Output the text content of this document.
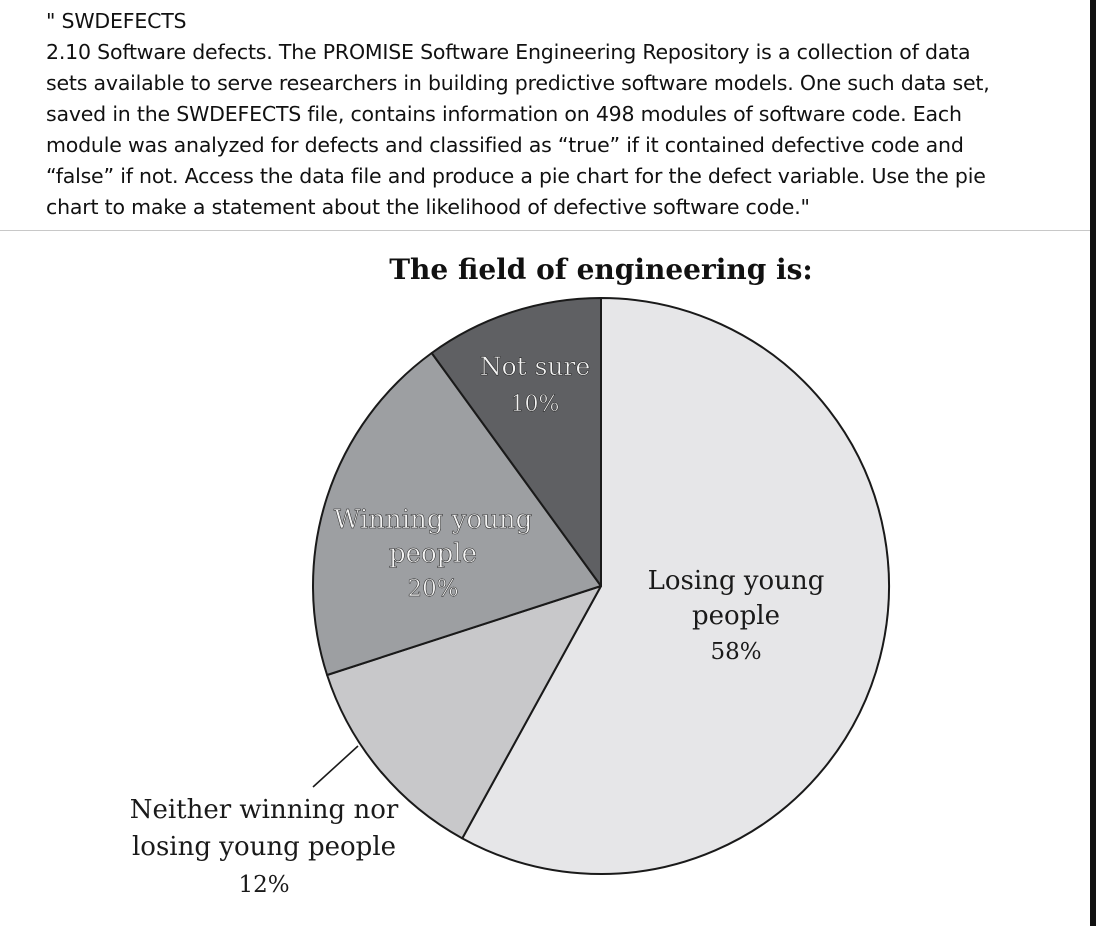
" SWDEFECTS
2.10 Software defects. The PROMISE Software Engineering Repository is a collection of data
sets available to serve researchers in building predictive software models. One such data set,
saved in the SWDEFECTS file, contains information on 498 modules of software code. Each
module was analyzed for defects and classified as “true” if it contained defective code and
“false” if not. Access the data file and produce a pie chart for the defect variable. Use the pie
chart to make a statement about the likelihood of defective software code."
The field of engineering is:
Losing young
people
58%
Neither winning nor
losing young people
12%
Winning young
people
20%
Not sure
10%
